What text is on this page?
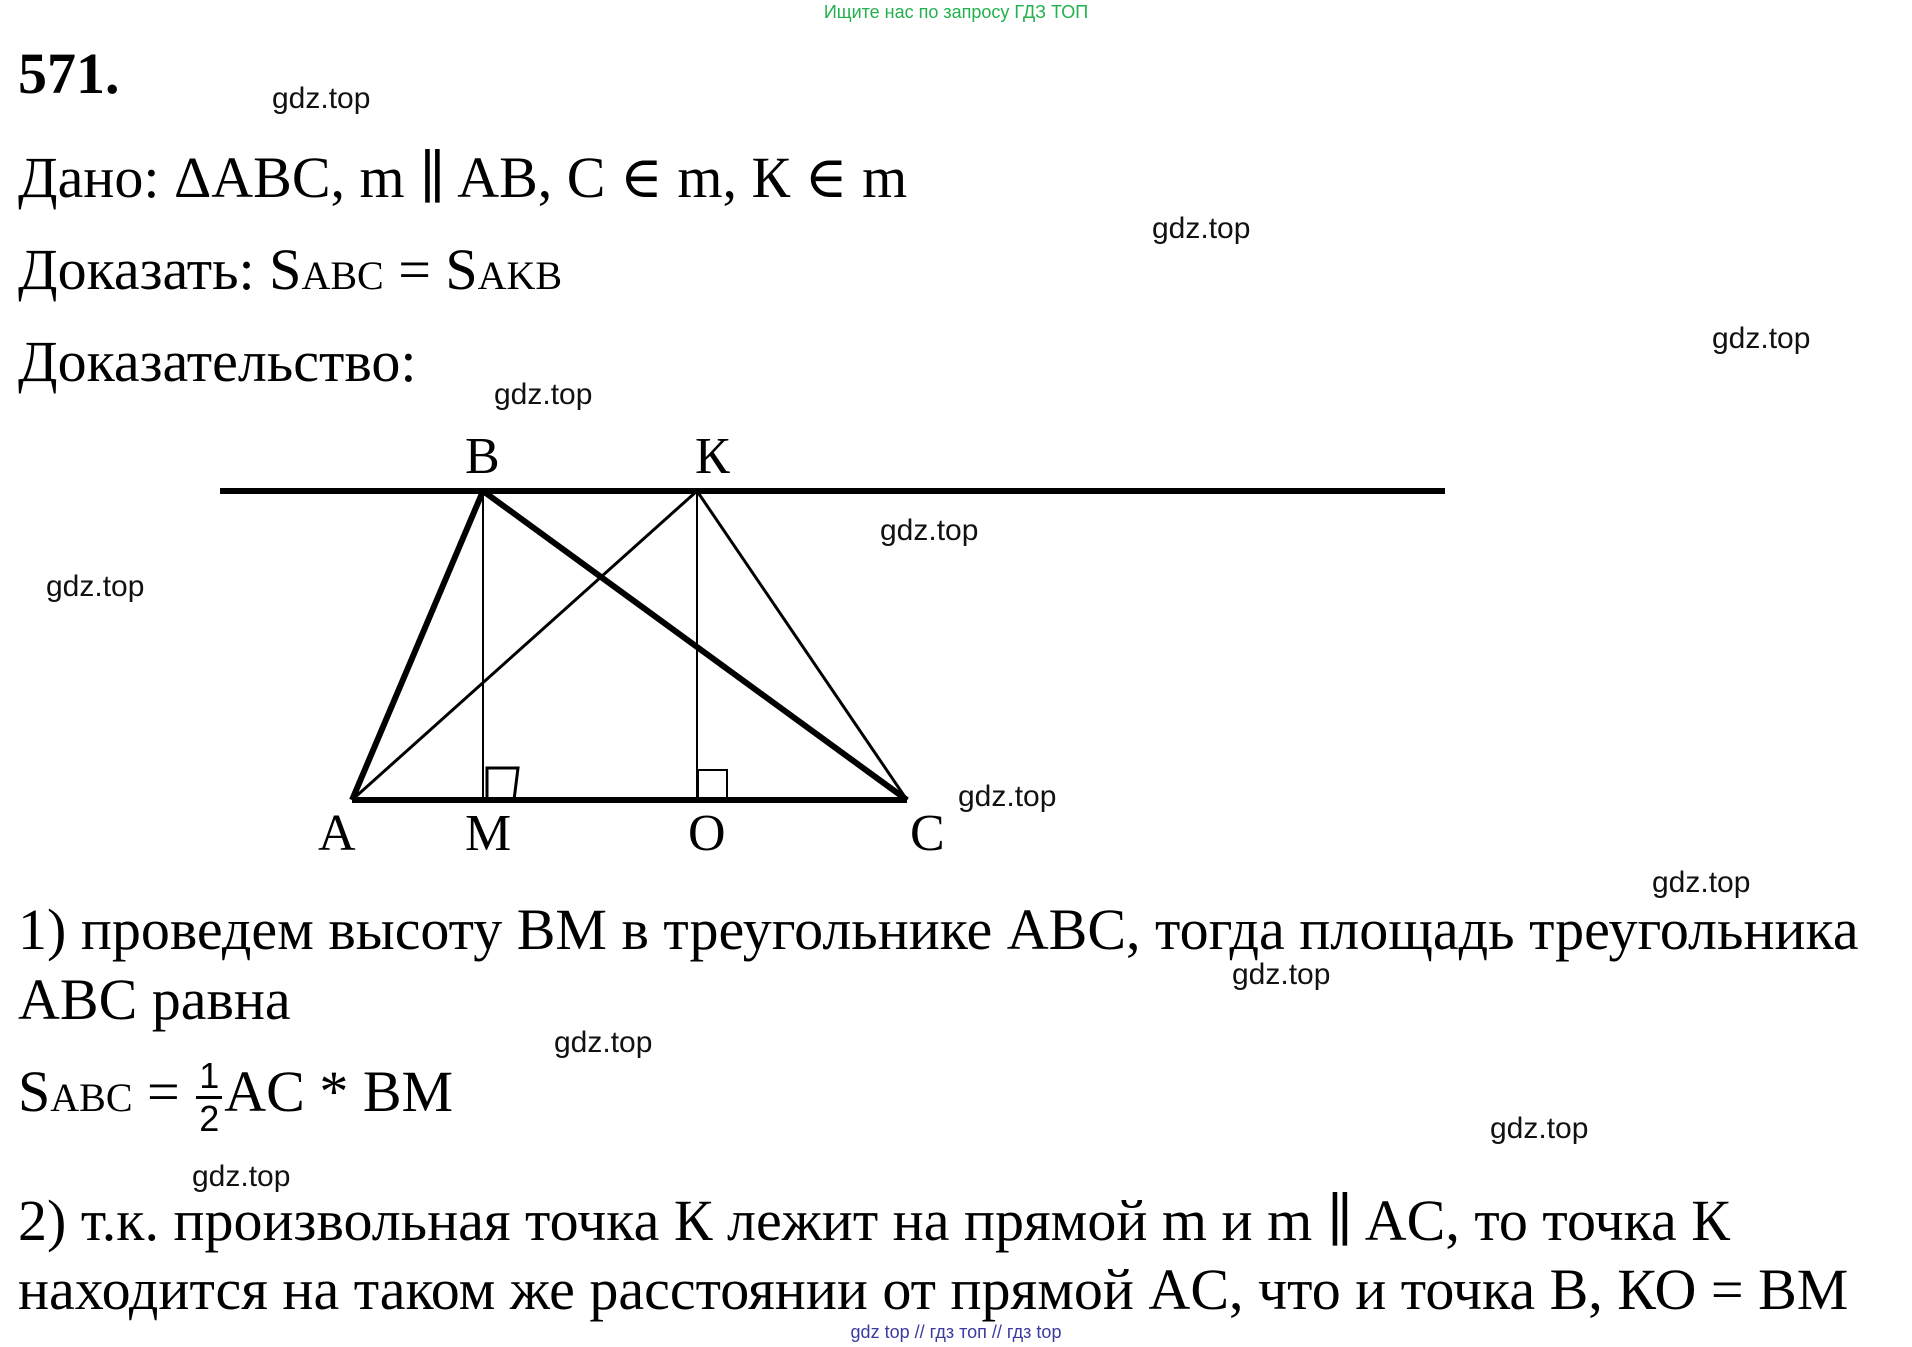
Ищите нас по запросу ГДЗ ТОП
571.
Дано: ΔABC, m ∥ AB, C ∈ m, К ∈ m
Доказать: SABC = SAKB
Доказательство:
B	К
A M	O	C
1) проведем высоту BM в треугольнике ABC, тогда площадь треугольника
ABC равна
SABC = $\frac{1}{2}$ AC * BM
2) т.к. произвольная точка К лежит на прямой m и m ∥ AC, то точка К
находится на таком же расстоянии от прямой AC, что и точка B, КО = BM
gdz.top
gdz.top
gdz.top
gdz.top
gdz.top
gdz.top
gdz.top
gdz.top
gdz.top
gdz.top
gdz.top
gdz.top
gdz top // гдз топ // гдз top
